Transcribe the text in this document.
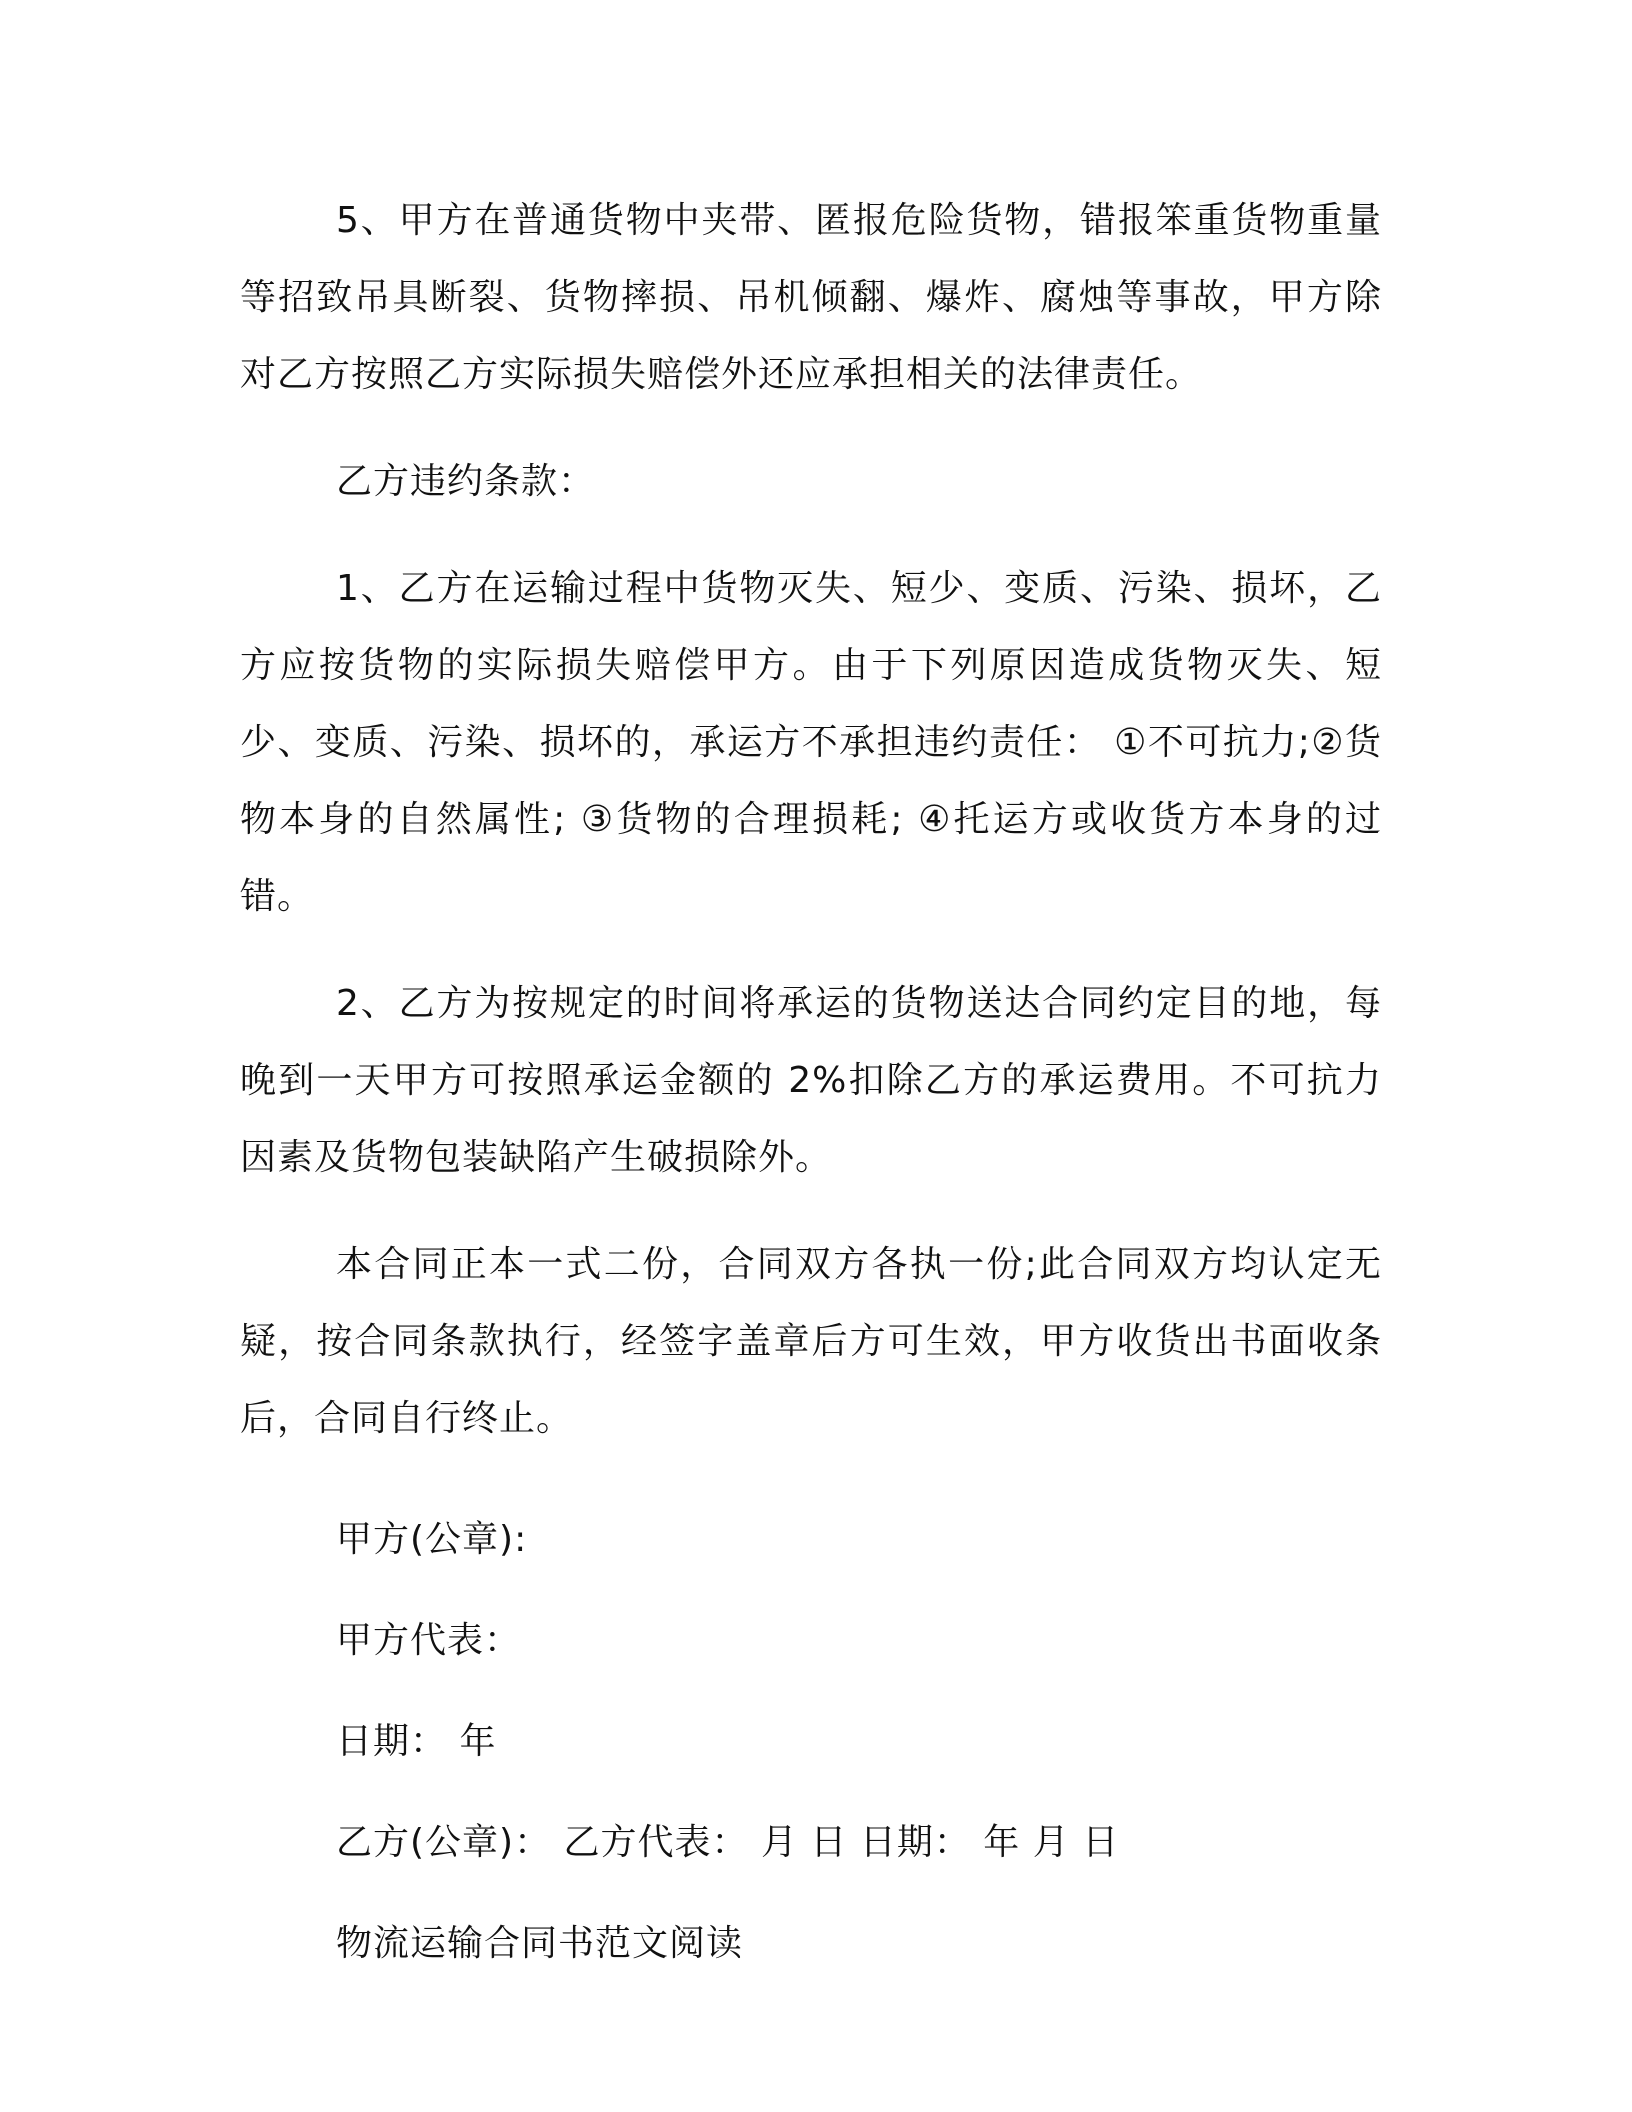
5、甲方在普通货物中夹带、匿报危险货物，错报笨重货物重量等招致吊具断裂、货物摔损、吊机倾翻、爆炸、腐烛等事故，甲方除对乙方按照乙方实际损失赔偿外还应承担相关的法律责任。

乙方违约条款：

1、乙方在运输过程中货物灭失、短少、变质、污染、损坏，乙方应按货物的实际损失赔偿甲方。由于下列原因造成货物灭失、短少、变质、污染、损坏的，承运方不承担违约责任： ①不可抗力;②货物本身的自然属性; ③货物的合理损耗; ④托运方或收货方本身的过错。

2、乙方为按规定的时间将承运的货物送达合同约定目的地，每晚到一天甲方可按照承运金额的 2%扣除乙方的承运费用。不可抗力因素及货物包装缺陷产生破损除外。

本合同正本一式二份，合同双方各执一份;此合同双方均认定无疑，按合同条款执行，经签字盖章后方可生效，甲方收货出书面收条后，合同自行终止。

甲方(公章):

甲方代表：

日期： 年

乙方(公章)： 乙方代表： 月 日 日期： 年 月 日

物流运输合同书范文阅读
